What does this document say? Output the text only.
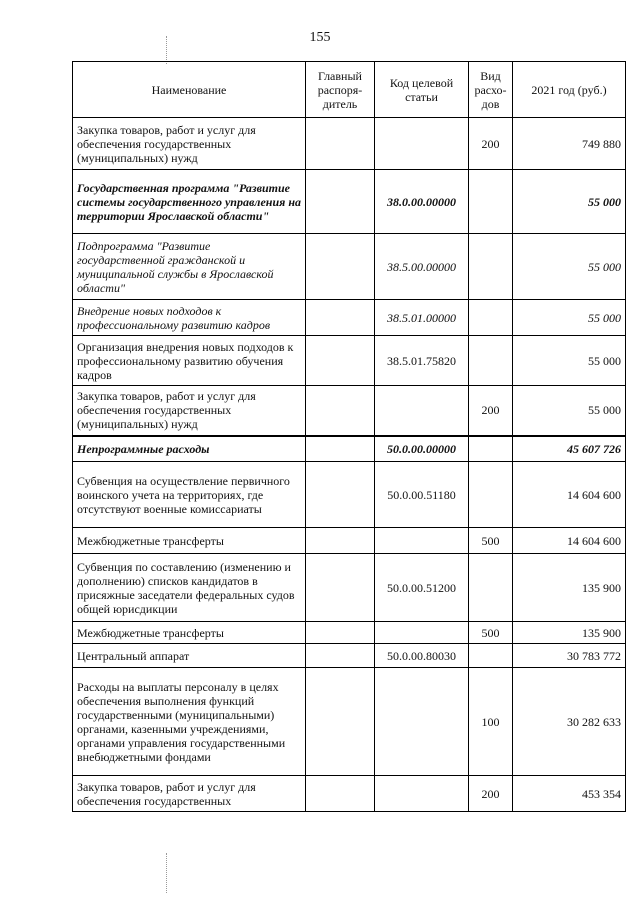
155
Наименование	Главный распоря-дитель	Код целевой статьи	Вид расхо-дов	2021 год (руб.)
Закупка товаров, работ и услуг для обеспечения государственных (муниципальных) нужд			200	749 880
Государственная программа "Развитие системы государственного управления на территории Ярославской области"		38.0.00.00000		55 000
Подпрограмма "Развитие государственной гражданской и муниципальной службы в Ярославской области"		38.5.00.00000		55 000
Внедрение новых подходов к профессиональному развитию кадров		38.5.01.00000		55 000
Организация внедрения новых подходов к профессиональному развитию обучения кадров		38.5.01.75820		55 000
Закупка товаров, работ и услуг для обеспечения государственных (муниципальных) нужд			200	55 000
Непрограммные расходы		50.0.00.00000		45 607 726
Субвенция на осуществление первичного воинского учета на территориях, где отсутствуют военные комиссариаты		50.0.00.51180		14 604 600
Межбюджетные трансферты			500	14 604 600
Субвенция по составлению (изменению и дополнению) списков кандидатов в присяжные заседатели федеральных судов общей юрисдикции		50.0.00.51200		135 900
Межбюджетные трансферты			500	135 900
Центральный аппарат		50.0.00.80030		30 783 772
Расходы на выплаты персоналу в целях обеспечения выполнения функций государственными (муниципальными) органами, казенными учреждениями, органами управления государственными внебюджетными фондами			100	30 282 633
Закупка товаров, работ и услуг для обеспечения государственных			200	453 354
